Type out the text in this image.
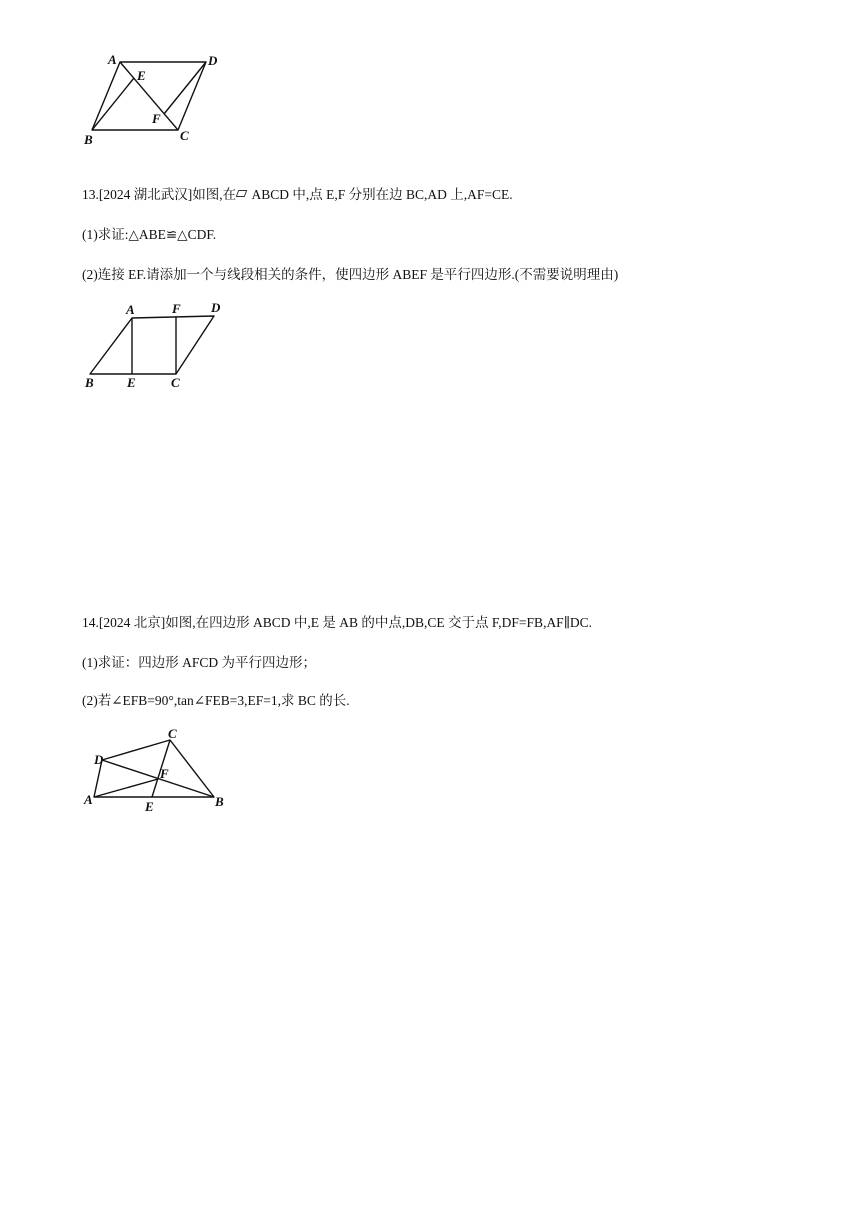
A	D
E
F
B	C
13.[2024 湖北武汉]如图,在 ABCD 中,点 E,F 分别在边 BC,AD 上,AF=CE.
(1)求证:△ABE≌△CDF.
(2)连接 EF.请添加一个与线段相关的条件，使四边形 ABEF 是平行四边形.(不需要说明理由)
A	F D
B	E	C
14.[2024 北京]如图,在四边形 ABCD 中,E 是 AB 的中点,DB,CE 交于点 F,DF=FB,AF∥DC.
(1)求证：四边形 AFCD 为平行四边形；
(2)若∠EFB=90°,tan∠FEB=3,EF=1,求 BC 的长.
C
D
F
A	E	B
